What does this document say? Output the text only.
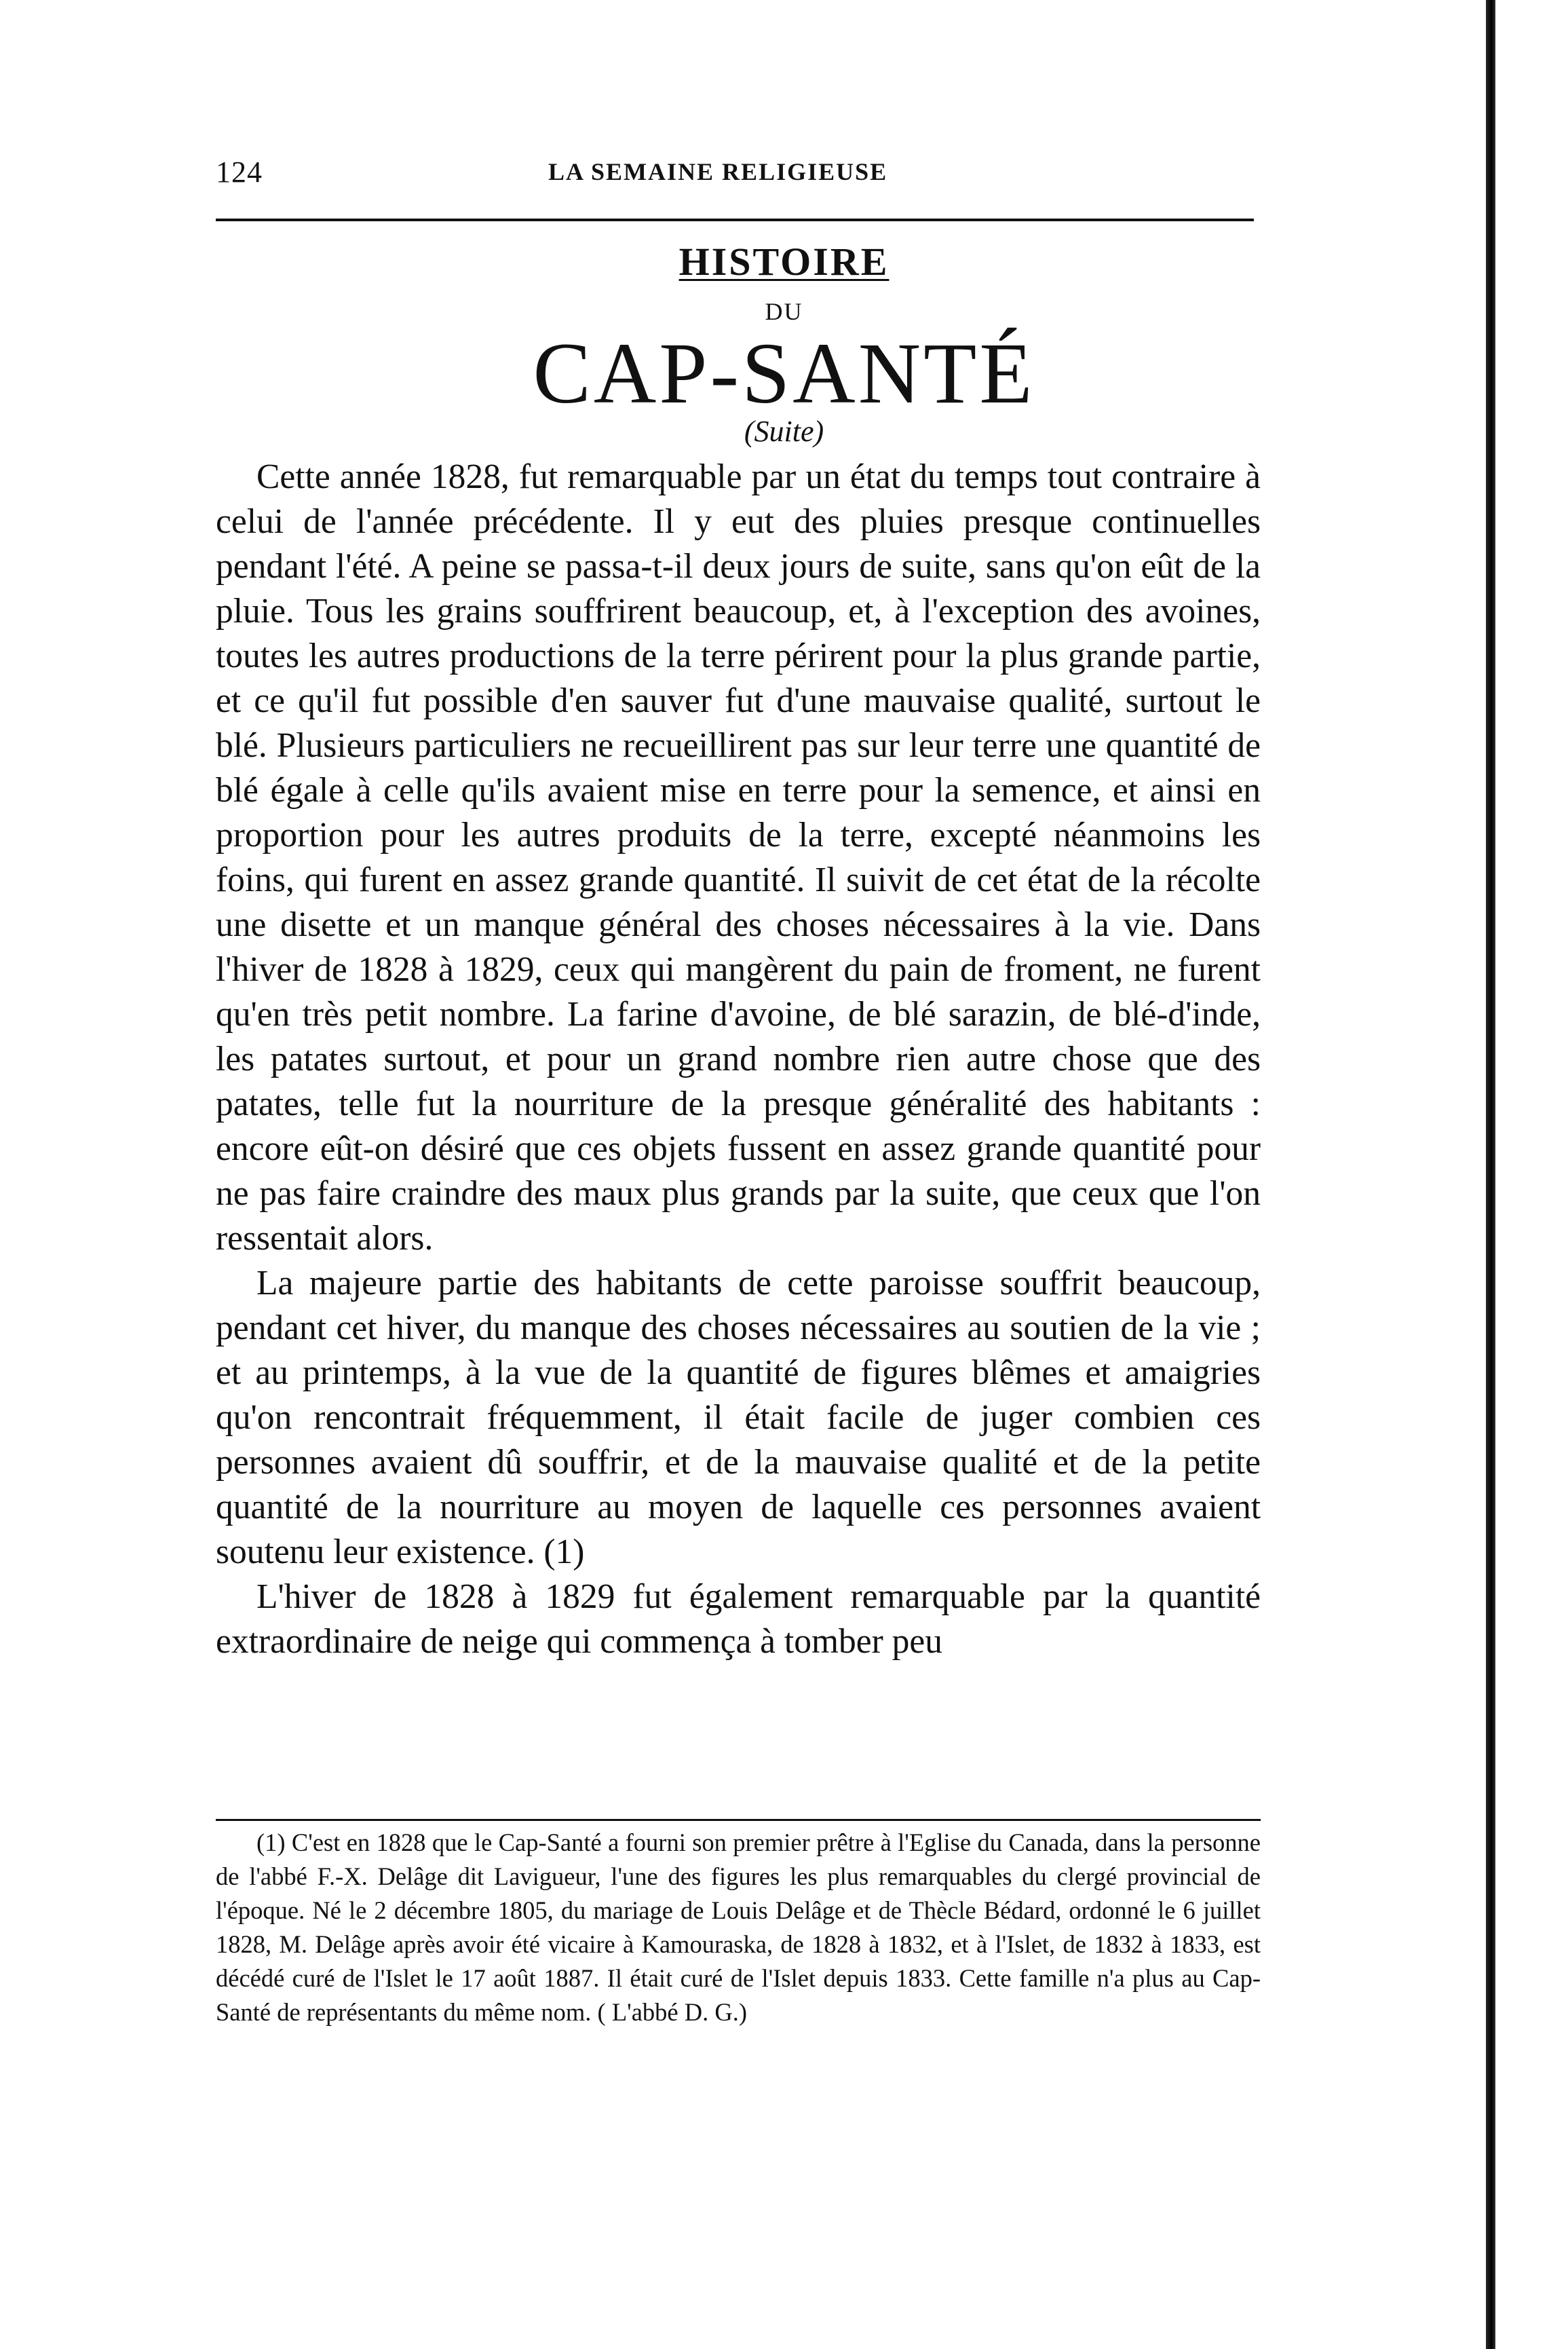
124	LA SEMAINE RELIGIEUSE
HISTOIRE
DU
CAP-SANTÉ
(Suite)

Cette année 1828, fut remarquable par un état du temps tout contraire à celui de l'année précédente. Il y eut des pluies presque continuelles pendant l'été. A peine se passa-t-il deux jours de suite, sans qu'on eût de la pluie. Tous les grains souffrirent beaucoup, et, à l'exception des avoines, toutes les autres productions de la terre périrent pour la plus grande partie, et ce qu'il fut possible d'en sauver fut d'une mauvaise qualité, surtout le blé. Plusieurs particuliers ne recueillirent pas sur leur terre une quantité de blé égale à celle qu'ils avaient mise en terre pour la semence, et ainsi en proportion pour les autres produits de la terre, excepté néanmoins les foins, qui furent en assez grande quantité. Il suivit de cet état de la récolte une disette et un manque général des choses nécessaires à la vie. Dans l'hiver de 1828 à 1829, ceux qui mangèrent du pain de froment, ne furent qu'en très petit nombre. La farine d'avoine, de blé sarazin, de blé-d'inde, les patates surtout, et pour un grand nombre rien autre chose que des patates, telle fut la nourriture de la presque généralité des habitants : encore eût-on désiré que ces objets fussent en assez grande quantité pour ne pas faire craindre des maux plus grands par la suite, que ceux que l'on ressentait alors.

La majeure partie des habitants de cette paroisse souffrit beaucoup, pendant cet hiver, du manque des choses nécessaires au soutien de la vie ; et au printemps, à la vue de la quantité de figures blêmes et amaigries qu'on rencontrait fréquemment, il était facile de juger combien ces personnes avaient dû souffrir, et de la mauvaise qualité et de la petite quantité de la nourriture au moyen de laquelle ces personnes avaient soutenu leur existence. (1)

L'hiver de 1828 à 1829 fut également remarquable par la quantité extraordinaire de neige qui commença à tomber peu

(1) C'est en 1828 que le Cap-Santé a fourni son premier prêtre à l'Eglise du Canada, dans la personne de l'abbé F.-X. Delâge dit Lavigueur, l'une des figures les plus remarquables du clergé provincial de l'époque. Né le 2 décembre 1805, du mariage de Louis Delâge et de Thècle Bédard, ordonné le 6 juillet 1828, M. Delâge après avoir été vicaire à Kamouraska, de 1828 à 1832, et à l'Islet, de 1832 à 1833, est décédé curé de l'Islet le 17 août 1887. Il était curé de l'Islet depuis 1833. Cette famille n'a plus au Cap-Santé de représentants du même nom. ( L'abbé D. G.)
